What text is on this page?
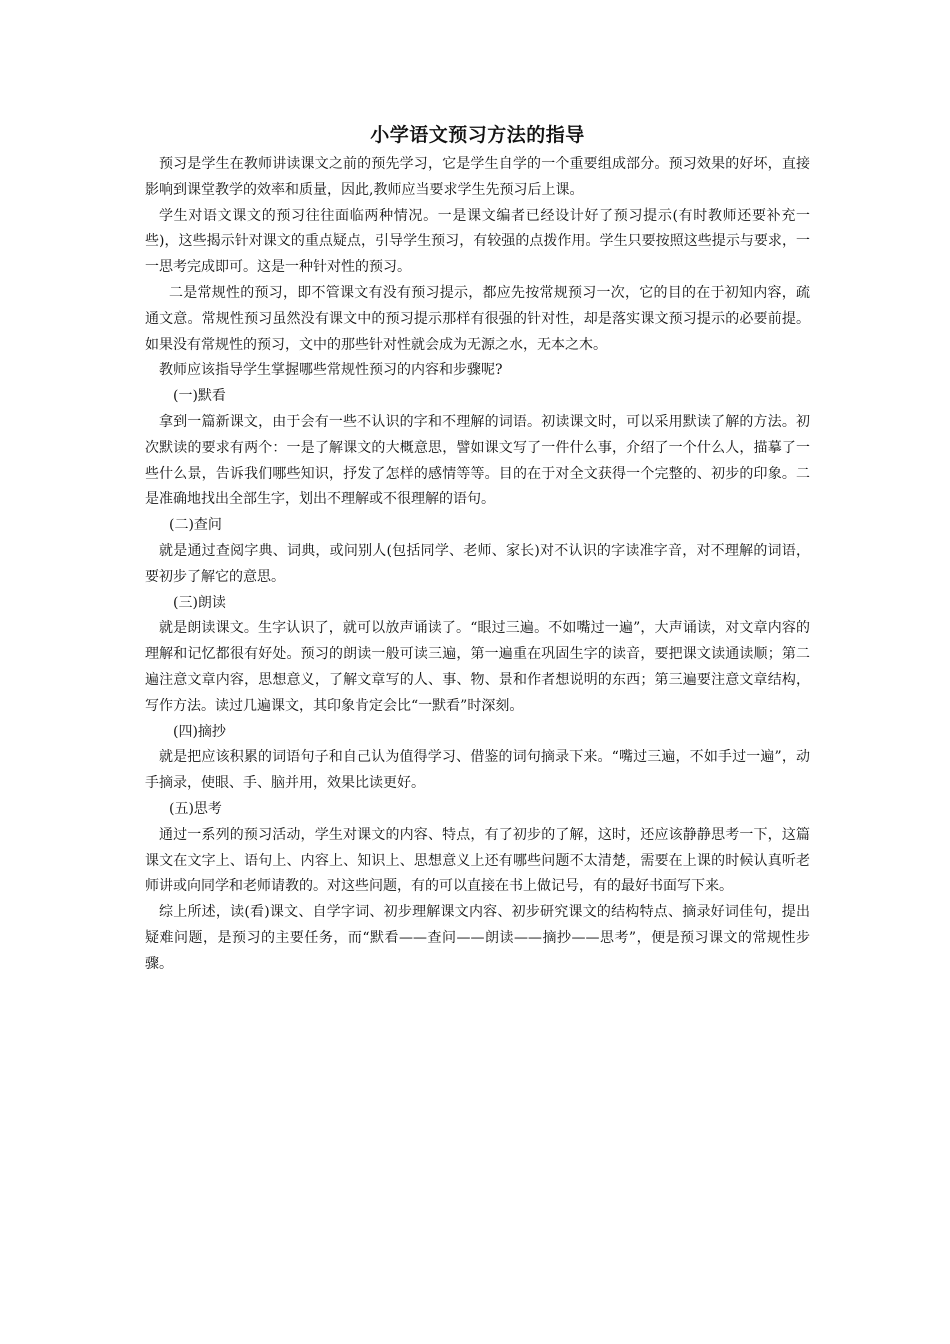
小学语文预习方法的指导

预习是学生在教师讲读课文之前的预先学习，它是学生自学的一个重要组成部分。预习效果的好坏，直接影响到课堂教学的效率和质量，因此,教师应当要求学生先预习后上课。

学生对语文课文的预习往往面临两种情况。一是课文编者已经设计好了预习提示(有时教师还要补充一些)，这些揭示针对课文的重点疑点，引导学生预习，有较强的点拨作用。学生只要按照这些提示与要求，一一思考完成即可。这是一种针对性的预习。

二是常规性的预习，即不管课文有没有预习提示，都应先按常规预习一次，它的目的在于初知内容，疏通文意。常规性预习虽然没有课文中的预习提示那样有很强的针对性，却是落实课文预习提示的必要前提。如果没有常规性的预习，文中的那些针对性就会成为无源之水，无本之木。

教师应该指导学生掌握哪些常规性预习的内容和步骤呢?

(一)默看

拿到一篇新课文，由于会有一些不认识的字和不理解的词语。初读课文时，可以采用默读了解的方法。初次默读的要求有两个：一是了解课文的大概意思，譬如课文写了一件什么事，介绍了一个什么人，描摹了一些什么景，告诉我们哪些知识，抒发了怎样的感情等等。目的在于对全文获得一个完整的、初步的印象。二是准确地找出全部生字，划出不理解或不很理解的语句。

(二)查问

就是通过查阅字典、词典，或问别人(包括同学、老师、家长)对不认识的字读准字音，对不理解的词语，要初步了解它的意思。

(三)朗读

就是朗读课文。生字认识了，就可以放声诵读了。“眼过三遍。不如嘴过一遍”，大声诵读，对文章内容的理解和记忆都很有好处。预习的朗读一般可读三遍，第一遍重在巩固生字的读音，要把课文读通读顺；第二遍注意文章内容，思想意义，了解文章写的人、事、物、景和作者想说明的东西；第三遍要注意文章结构，写作方法。读过几遍课文，其印象肯定会比“一默看”时深刻。

(四)摘抄

就是把应该积累的词语句子和自己认为值得学习、借鉴的词句摘录下来。“嘴过三遍，不如手过一遍”，动手摘录，使眼、手、脑并用，效果比读更好。

(五)思考

通过一系列的预习活动，学生对课文的内容、特点，有了初步的了解，这时，还应该静静思考一下，这篇课文在文字上、语句上、内容上、知识上、思想意义上还有哪些问题不太清楚，需要在上课的时候认真听老师讲或向同学和老师请教的。对这些问题，有的可以直接在书上做记号，有的最好书面写下来。

综上所述，读(看)课文、自学字词、初步理解课文内容、初步研究课文的结构特点、摘录好词佳句，提出疑难问题，是预习的主要任务，而“默看——查问——朗读——摘抄——思考”，便是预习课文的常规性步骤。
